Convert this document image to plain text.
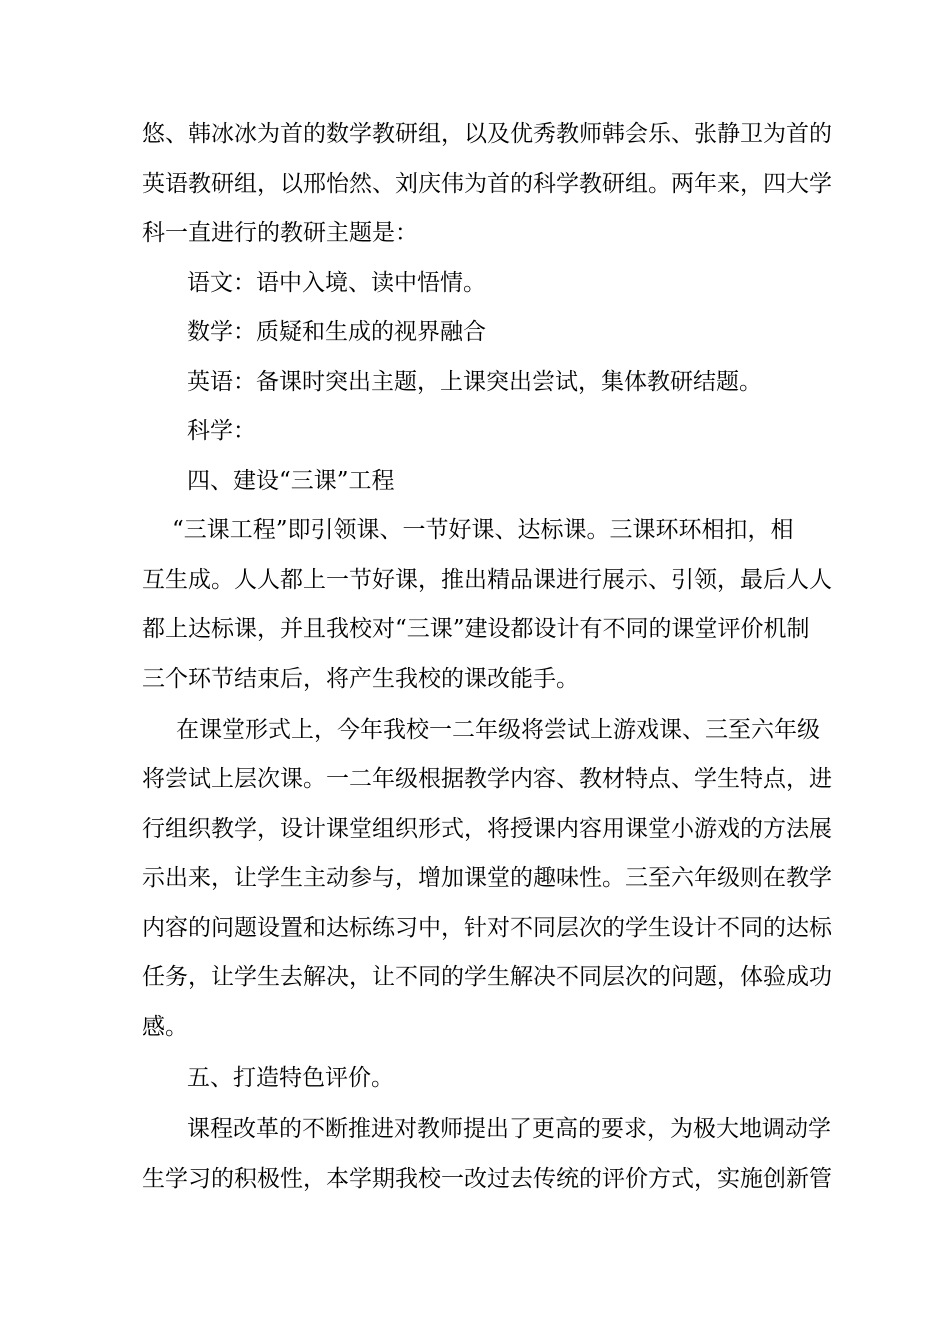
悠、韩冰冰为首的数学教研组，以及优秀教师韩会乐、张静卫为首的
英语教研组，以邢怡然、刘庆伟为首的科学教研组。两年来，四大学
科一直进行的教研主题是：
语文：语中入境、读中悟情。
数学：质疑和生成的视界融合
英语：备课时突出主题，上课突出尝试，集体教研结题。
科学：
四、建设“三课”工程
“三课工程”即引领课、一节好课、达标课。三课环环相扣，相
互生成。人人都上一节好课，推出精品课进行展示、引领，最后人人
都上达标课，并且我校对“三课”建设都设计有不同的课堂评价机制
三个环节结束后，将产生我校的课改能手。
在课堂形式上，今年我校一二年级将尝试上游戏课、三至六年级
将尝试上层次课。一二年级根据教学内容、教材特点、学生特点，进
行组织教学，设计课堂组织形式，将授课内容用课堂小游戏的方法展
示出来，让学生主动参与，增加课堂的趣味性。三至六年级则在教学
内容的问题设置和达标练习中，针对不同层次的学生设计不同的达标
任务，让学生去解决，让不同的学生解决不同层次的问题，体验成功
感。
五、打造特色评价。
课程改革的不断推进对教师提出了更高的要求，为极大地调动学
生学习的积极性，本学期我校一改过去传统的评价方式，实施创新管
